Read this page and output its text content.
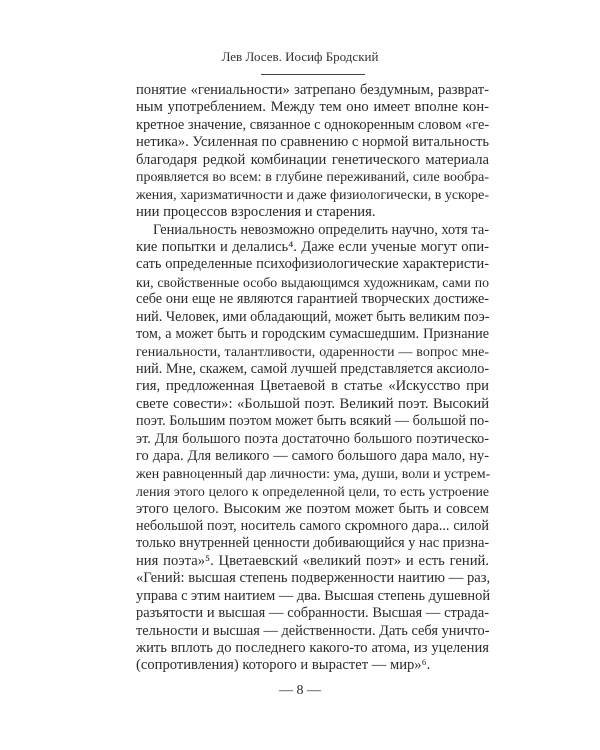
Лев Лосев. Иосиф Бродский
понятие «гениальности» затрепано бездумным, разврат-
ным употреблением. Между тем оно имеет вполне кон-
кретное значение, связанное с однокоренным словом «ге-
нетика». Усиленная по сравнению с нормой витальность
благодаря редкой комбинации генетического материала
проявляется во всем: в глубине переживаний, силе вообра-
жения, харизматичности и даже физиологически, в ускоре-
нии процессов взросления и старения.
Гениальность невозможно определить научно, хотя та-
кие попытки и делались⁴. Даже если ученые могут опи-
сать определенные психофизиологические характеристи-
ки, свойственные особо выдающимся художникам, сами по
себе они еще не являются гарантией творческих достиже-
ний. Человек, ими обладающий, может быть великим поэ-
том, а может быть и городским сумасшедшим. Признание
гениальности, талантливости, одаренности — вопрос мне-
ний. Мне, скажем, самой лучшей представляется аксиоло-
гия, предложенная Цветаевой в статье «Искусство при
свете совести»: «Большой поэт. Великий поэт. Высокий
поэт. Большим поэтом может быть всякий — большой по-
эт. Для большого поэта достаточно большого поэтическо-
го дара. Для великого — самого большого дара мало, ну-
жен равноценный дар личности: ума, души, воли и устрем-
ления этого целого к определенной цели, то есть устроение
этого целого. Высоким же поэтом может быть и совсем
небольшой поэт, носитель самого скромного дара... силой
только внутренней ценности добивающийся у нас призна-
ния поэта»⁵. Цветаевский «великий поэт» и есть гений.
«Гений: высшая степень подверженности наитию — раз,
управа с этим наитием — два. Высшая степень душевной
разъятости и высшая — собранности. Высшая — страда-
тельности и высшая — действенности. Дать себя уничто-
жить вплоть до последнего какого-то атома, из уцеления
(сопротивления) которого и вырастет — мир»⁶.
— 8 —
